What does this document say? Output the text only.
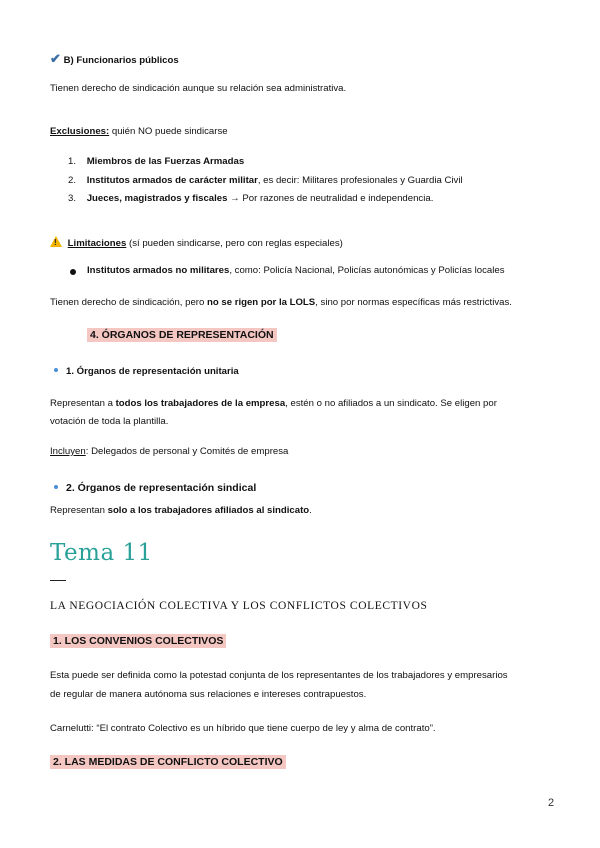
✔ B) Funcionarios públicos
Tienen derecho de sindicación aunque su relación sea administrativa.
Exclusiones: quién NO puede sindicarse
1. Miembros de las Fuerzas Armadas
2. Institutos armados de carácter militar, es decir: Militares profesionales y Guardia Civil
3. Jueces, magistrados y fiscales → Por razones de neutralidad e independencia.
! Limitaciones (sí pueden sindicarse, pero con reglas especiales)
Institutos armados no militares, como: Policía Nacional, Policías autonómicas y Policías locales
Tienen derecho de sindicación, pero no se rigen por la LOLS, sino por normas específicas más restrictivas.
4. ÓRGANOS DE REPRESENTACIÓN
1. Órganos de representación unitaria
Representan a todos los trabajadores de la empresa, estén o no afiliados a un sindicato. Se eligen por
votación de toda la plantilla.
Incluyen: Delegados de personal y Comités de empresa
2. Órganos de representación sindical
Representan solo a los trabajadores afiliados al sindicato.
Tema 11
LA NEGOCIACIÓN COLECTIVA Y LOS CONFLICTOS COLECTIVOS
1. LOS CONVENIOS COLECTIVOS
Esta puede ser definida como la potestad conjunta de los representantes de los trabajadores y empresarios
de regular de manera autónoma sus relaciones e intereses contrapuestos.
Carnelutti: “El contrato Colectivo es un híbrido que tiene cuerpo de ley y alma de contrato”.
2. LAS MEDIDAS DE CONFLICTO COLECTIVO
2
